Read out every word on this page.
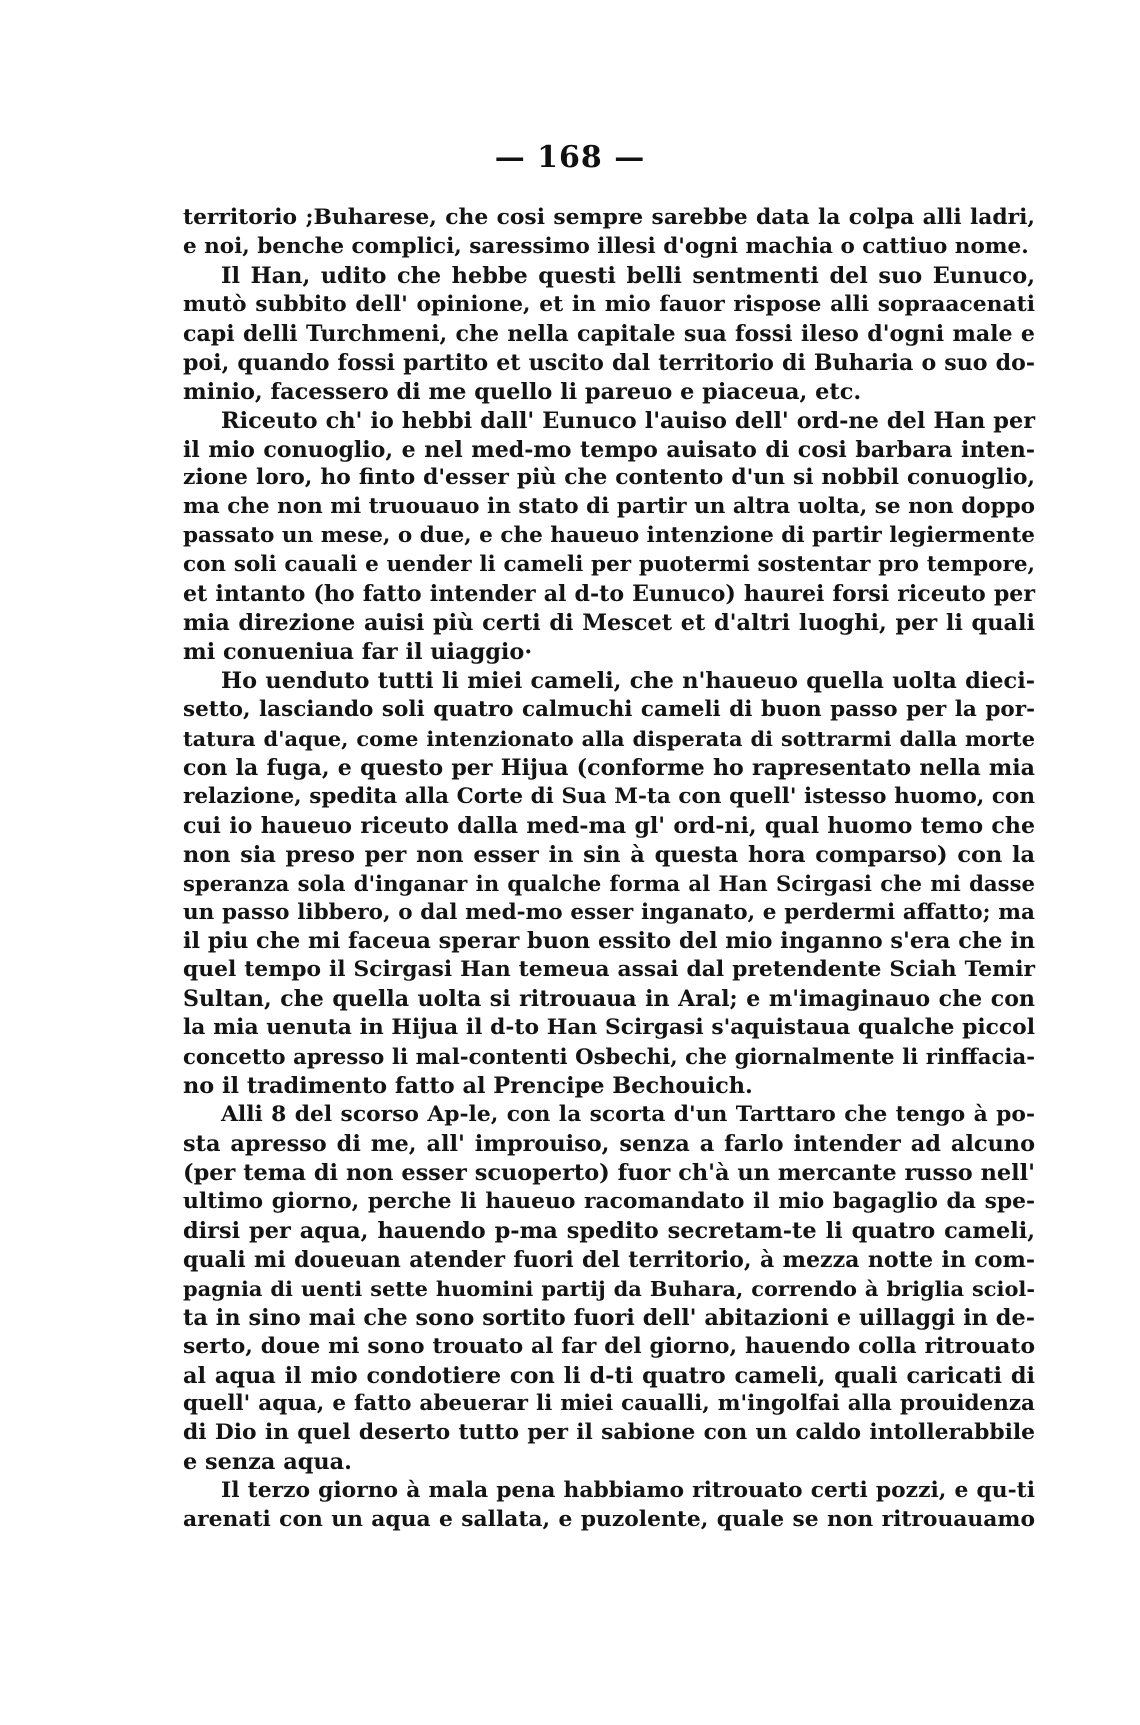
— 168 —
territorio ;Buharese, che cosi sempre sarebbe data la colpa alli ladri,
e noi, benche complici, saressimo illesi d'ogni machia o cattiuo nome.
Il Han, udito che hebbe questi belli sentmenti del suo Eunuco,
mutò subbito dell' opinione, et in mio fauor rispose alli sopraacenati
capi delli Turchmeni, che nella capitale sua fossi ileso d'ogni male e
poi, quando fossi partito et uscito dal territorio di Buharia o suo do-
minio, facessero di me quello li pareuo e piaceua, etc.
Riceuto ch' io hebbi dall' Eunuco l'auiso dell' ord-ne del Han per
il mio conuoglio, e nel med-mo tempo auisato di cosi barbara inten-
zione loro, ho finto d'esser più che contento d'un si nobbil conuoglio,
ma che non mi truouauo in stato di partir un altra uolta, se non doppo
passato un mese, o due, e che haueuo intenzione di partir legiermente
con soli cauali e uender li cameli per puotermi sostentar pro tempore,
et intanto (ho fatto intender al d-to Eunuco) haurei forsi riceuto per
mia direzione auisi più certi di Mescet et d'altri luoghi, per li quali
mi conueniua far il uiaggio·
Ho uenduto tutti li miei cameli, che n'haueuo quella uolta dieci-
setto, lasciando soli quatro calmuchi cameli di buon passo per la por-
tatura d'aque, come intenzionato alla disperata di sottrarmi dalla morte
con la fuga, e questo per Hijua (conforme ho rapresentato nella mia
relazione, spedita alla Corte di Sua M-ta con quell' istesso huomo, con
cui io haueuo riceuto dalla med-ma gl' ord-ni, qual huomo temo che
non sia preso per non esser in sin à questa hora comparso) con la
speranza sola d'inganar in qualche forma al Han Scirgasi che mi dasse
un passo libbero, o dal med-mo esser inganato, e perdermi affatto; ma
il piu che mi faceua sperar buon essito del mio inganno s'era che in
quel tempo il Scirgasi Han temeua assai dal pretendente Sciah Temir
Sultan, che quella uolta si ritrouaua in Aral; e m'imaginauo che con
la mia uenuta in Hijua il d-to Han Scirgasi s'aquistaua qualche piccol
concetto apresso li mal-contenti Osbechi, che giornalmente li rinffacia-
no il tradimento fatto al Prencipe Bechouich.
Alli 8 del scorso Ap-le, con la scorta d'un Tarttaro che tengo à po-
sta apresso di me, all' improuiso, senza a farlo intender ad alcuno
(per tema di non esser scuoperto) fuor ch'à un mercante russo nell'
ultimo giorno, perche li haueuo racomandato il mio bagaglio da spe-
dirsi per aqua, hauendo p-ma spedito secretam-te li quatro cameli,
quali mi doueuan atender fuori del territorio, à mezza notte in com-
pagnia di uenti sette huomini partij da Buhara, correndo à briglia sciol-
ta in sino mai che sono sortito fuori dell' abitazioni e uillaggi in de-
serto, doue mi sono trouato al far del giorno, hauendo colla ritrouato
al aqua il mio condotiere con li d-ti quatro cameli, quali caricati di
quell' aqua, e fatto abeuerar li miei caualli, m'ingolfai alla prouidenza
di Dio in quel deserto tutto per il sabione con un caldo intollerabbile
e senza aqua.
Il terzo giorno à mala pena habbiamo ritrouato certi pozzi, e qu-ti
arenati con un aqua e sallata, e puzolente, quale se non ritrouauamo
